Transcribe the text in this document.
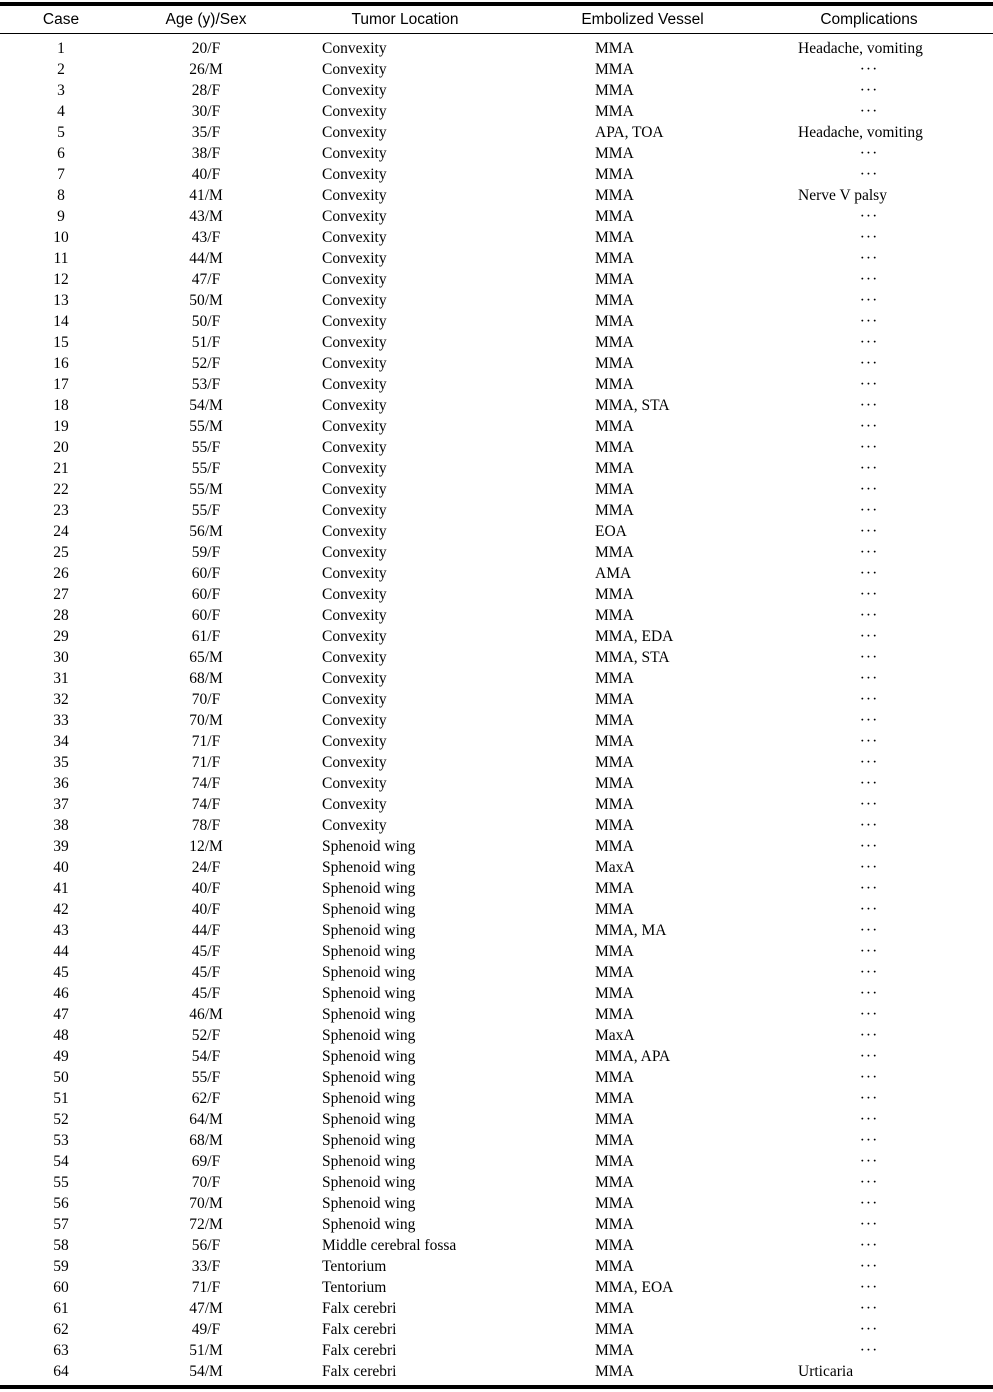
Case	Age (y)/Sex	Tumor Location	Embolized Vessel	Complications
1	20/F	Convexity	MMA	Headache, vomiting
2	26/M	Convexity	MMA	···
3	28/F	Convexity	MMA	···
4	30/F	Convexity	MMA	···
5	35/F	Convexity	APA, TOA	Headache, vomiting
6	38/F	Convexity	MMA	···
7	40/F	Convexity	MMA	···
8	41/M	Convexity	MMA	Nerve V palsy
9	43/M	Convexity	MMA	···
10	43/F	Convexity	MMA	···
11	44/M	Convexity	MMA	···
12	47/F	Convexity	MMA	···
13	50/M	Convexity	MMA	···
14	50/F	Convexity	MMA	···
15	51/F	Convexity	MMA	···
16	52/F	Convexity	MMA	···
17	53/F	Convexity	MMA	···
18	54/M	Convexity	MMA, STA	···
19	55/M	Convexity	MMA	···
20	55/F	Convexity	MMA	···
21	55/F	Convexity	MMA	···
22	55/M	Convexity	MMA	···
23	55/F	Convexity	MMA	···
24	56/M	Convexity	EOA	···
25	59/F	Convexity	MMA	···
26	60/F	Convexity	AMA	···
27	60/F	Convexity	MMA	···
28	60/F	Convexity	MMA	···
29	61/F	Convexity	MMA, EDA	···
30	65/M	Convexity	MMA, STA	···
31	68/M	Convexity	MMA	···
32	70/F	Convexity	MMA	···
33	70/M	Convexity	MMA	···
34	71/F	Convexity	MMA	···
35	71/F	Convexity	MMA	···
36	74/F	Convexity	MMA	···
37	74/F	Convexity	MMA	···
38	78/F	Convexity	MMA	···
39	12/M	Sphenoid wing	MMA	···
40	24/F	Sphenoid wing	MaxA	···
41	40/F	Sphenoid wing	MMA	···
42	40/F	Sphenoid wing	MMA	···
43	44/F	Sphenoid wing	MMA, MA	···
44	45/F	Sphenoid wing	MMA	···
45	45/F	Sphenoid wing	MMA	···
46	45/F	Sphenoid wing	MMA	···
47	46/M	Sphenoid wing	MMA	···
48	52/F	Sphenoid wing	MaxA	···
49	54/F	Sphenoid wing	MMA, APA	···
50	55/F	Sphenoid wing	MMA	···
51	62/F	Sphenoid wing	MMA	···
52	64/M	Sphenoid wing	MMA	···
53	68/M	Sphenoid wing	MMA	···
54	69/F	Sphenoid wing	MMA	···
55	70/F	Sphenoid wing	MMA	···
56	70/M	Sphenoid wing	MMA	···
57	72/M	Sphenoid wing	MMA	···
58	56/F	Middle cerebral fossa	MMA	···
59	33/F	Tentorium	MMA	···
60	71/F	Tentorium	MMA, EOA	···
61	47/M	Falx cerebri	MMA	···
62	49/F	Falx cerebri	MMA	···
63	51/M	Falx cerebri	MMA	···
64	54/M	Falx cerebri	MMA	Urticaria
